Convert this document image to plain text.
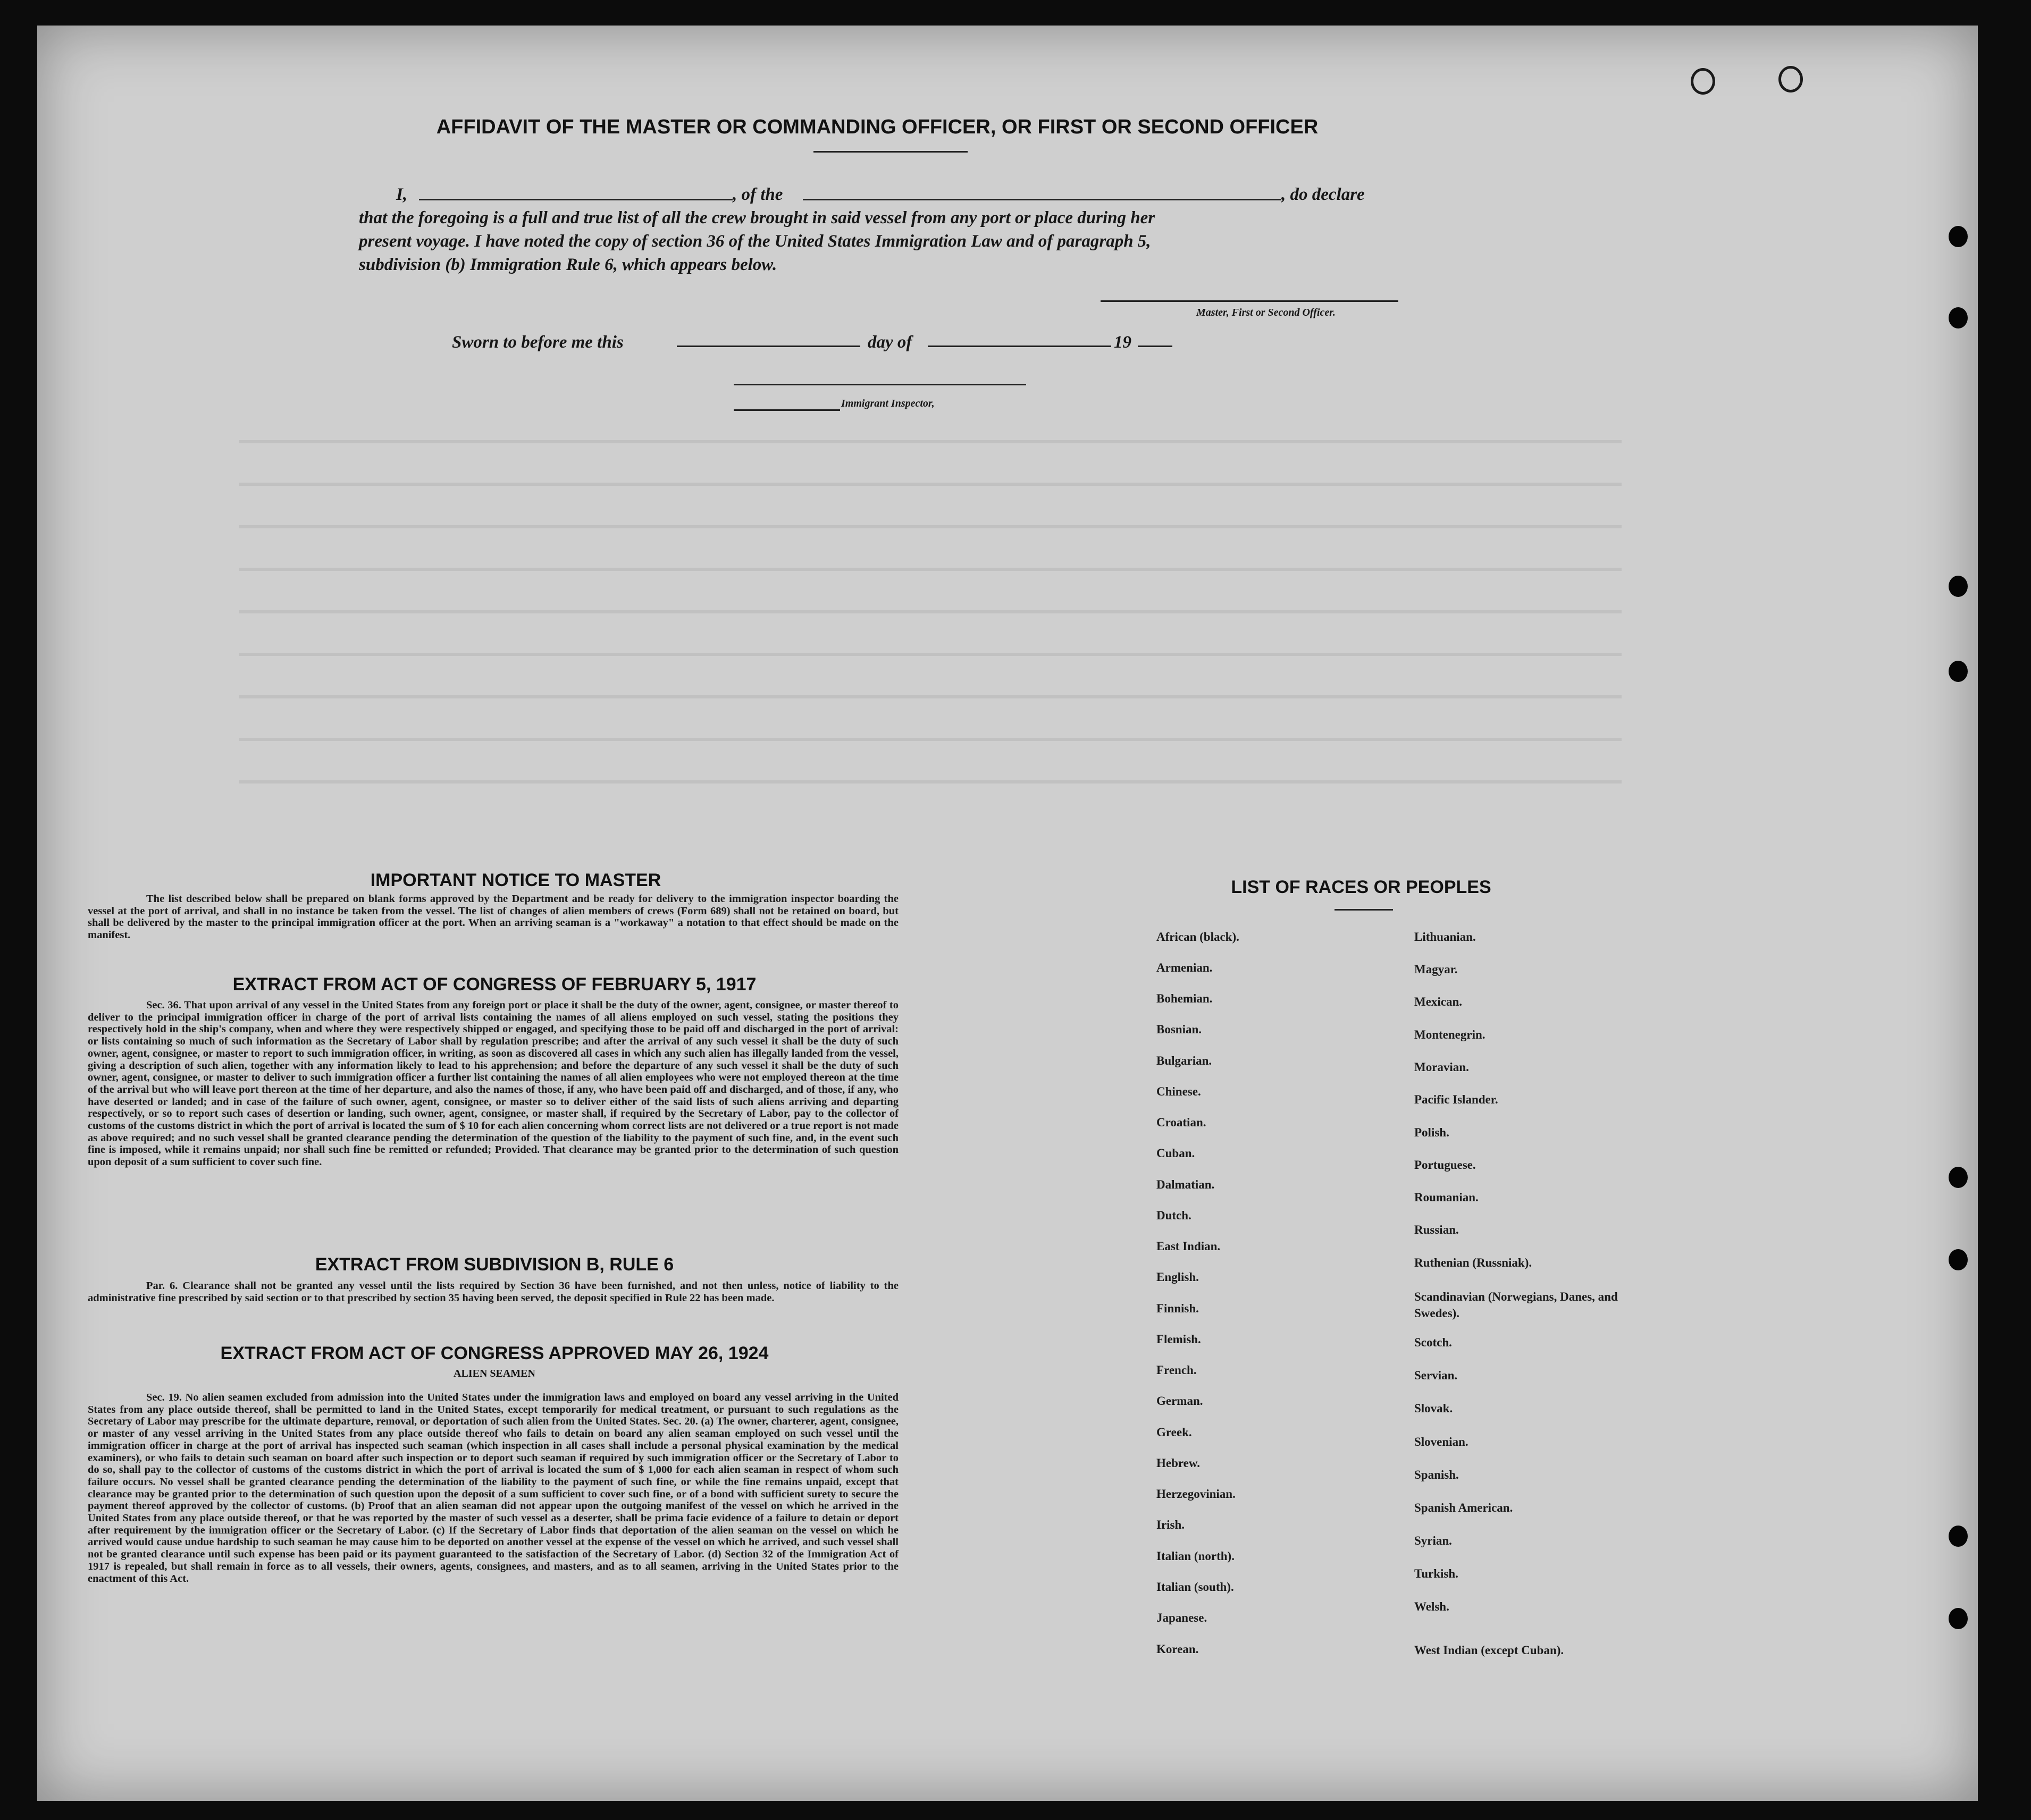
AFFIDAVIT OF THE MASTER OR COMMANDING OFFICER, OR FIRST OR SECOND OFFICER
I,	, of the	, do declare
that the foregoing is a full and true list of all the crew brought in said vessel from any port or place during her
present voyage. I have noted the copy of section 36 of the United States Immigration Law and of paragraph 5,
subdivision (b) Immigration Rule 6, which appears below.
Master, First or Second Officer.
Sworn to before me this	day of	19
Immigrant Inspector,
IMPORTANT NOTICE TO MASTER
The list described below shall be prepared on blank forms approved by the Department and be ready for delivery to the immigration inspector boarding the vessel at the port of arrival, and shall in no instance be taken from the vessel. The list of changes of alien members of crews (Form 689) shall not be retained on board, but shall be delivered by the master to the principal immigration officer at the port. When an arriving seaman is a "workaway" a notation to that effect should be made on the manifest.
EXTRACT FROM ACT OF CONGRESS OF FEBRUARY 5, 1917
Sec. 36. That upon arrival of any vessel in the United States from any foreign port or place it shall be the duty of the owner, agent, consignee, or master thereof to deliver to the principal immigration officer in charge of the port of arrival lists containing the names of all aliens employed on such vessel, stating the positions they respectively hold in the ship's company, when and where they were respectively shipped or engaged, and specifying those to be paid off and discharged in the port of arrival: or lists containing so much of such information as the Secretary of Labor shall by regulation prescribe; and after the arrival of any such vessel it shall be the duty of such owner, agent, consignee, or master to report to such immigration officer, in writing, as soon as discovered all cases in which any such alien has illegally landed from the vessel, giving a description of such alien, together with any information likely to lead to his apprehension; and before the departure of any such vessel it shall be the duty of such owner, agent, consignee, or master to deliver to such immigration officer a further list containing the names of all alien employees who were not employed thereon at the time of the arrival but who will leave port thereon at the time of her departure, and also the names of those, if any, who have been paid off and discharged, and of those, if any, who have deserted or landed; and in case of the failure of such owner, agent, consignee, or master so to deliver either of the said lists of such aliens arriving and departing respectively, or so to report such cases of desertion or landing, such owner, agent, consignee, or master shall, if required by the Secretary of Labor, pay to the collector of customs of the customs district in which the port of arrival is located the sum of $ 10 for each alien concerning whom correct lists are not delivered or a true report is not made as above required; and no such vessel shall be granted clearance pending the determination of the question of the liability to the payment of such fine, and, in the event such fine is imposed, while it remains unpaid; nor shall such fine be remitted or refunded; Provided. That clearance may be granted prior to the determination of such question upon deposit of a sum sufficient to cover such fine.
EXTRACT FROM SUBDIVISION B, RULE 6
Par. 6. Clearance shall not be granted any vessel until the lists required by Section 36 have been furnished, and not then unless, notice of liability to the administrative fine prescribed by said section or to that prescribed by section 35 having been served, the deposit specified in Rule 22 has been made.
EXTRACT FROM ACT OF CONGRESS APPROVED MAY 26, 1924
ALIEN SEAMEN
Sec. 19. No alien seamen excluded from admission into the United States under the immigration laws and employed on board any vessel arriving in the United States from any place outside thereof, shall be permitted to land in the United States, except temporarily for medical treatment, or pursuant to such regulations as the Secretary of Labor may prescribe for the ultimate departure, removal, or deportation of such alien from the United States. Sec. 20. (a) The owner, charterer, agent, consignee, or master of any vessel arriving in the United States from any place outside thereof who fails to detain on board any alien seaman employed on such vessel until the immigration officer in charge at the port of arrival has inspected such seaman (which inspection in all cases shall include a personal physical examination by the medical examiners), or who fails to detain such seaman on board after such inspection or to deport such seaman if required by such immigration officer or the Secretary of Labor to do so, shall pay to the collector of customs of the customs district in which the port of arrival is located the sum of $ 1,000 for each alien seaman in respect of whom such failure occurs. No vessel shall be granted clearance pending the determination of the liability to the payment of such fine, or while the fine remains unpaid, except that clearance may be granted prior to the determination of such question upon the deposit of a sum sufficient to cover such fine, or of a bond with sufficient surety to secure the payment thereof approved by the collector of customs. (b) Proof that an alien seaman did not appear upon the outgoing manifest of the vessel on which he arrived in the United States from any place outside thereof, or that he was reported by the master of such vessel as a deserter, shall be prima facie evidence of a failure to detain or deport after requirement by the immigration officer or the Secretary of Labor. (c) If the Secretary of Labor finds that deportation of the alien seaman on the vessel on which he arrived would cause undue hardship to such seaman he may cause him to be deported on another vessel at the expense of the vessel on which he arrived, and such vessel shall not be granted clearance until such expense has been paid or its payment guaranteed to the satisfaction of the Secretary of Labor. (d) Section 32 of the Immigration Act of 1917 is repealed, but shall remain in force as to all vessels, their owners, agents, consignees, and masters, and as to all seamen, arriving in the United States prior to the enactment of this Act.
LIST OF RACES OR PEOPLES
African (black).
Armenian.
Bohemian.
Bosnian.
Bulgarian.
Chinese.
Croatian.
Cuban.
Dalmatian.
Dutch.
East Indian.
English.
Finnish.
Flemish.
French.
German.
Greek.
Hebrew.
Herzegovinian.
Irish.
Italian (north).
Italian (south).
Japanese.
Korean.
Lithuanian.
Magyar.
Mexican.
Montenegrin.
Moravian.
Pacific Islander.
Polish.
Portuguese.
Roumanian.
Russian.
Ruthenian (Russniak).
Scandinavian (Norwegians, Danes, and Swedes).
Scotch.
Servian.
Slovak.
Slovenian.
Spanish.
Spanish American.
Syrian.
Turkish.
Welsh.
West Indian (except Cuban).
